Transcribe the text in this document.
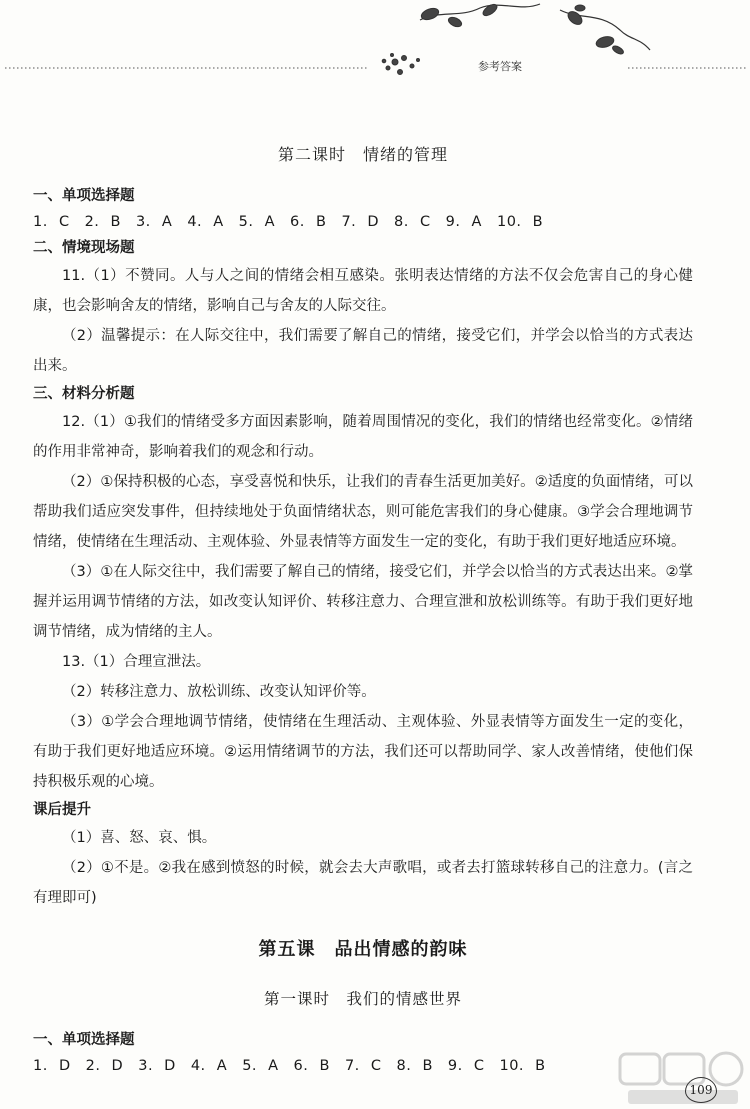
参考答案
第二课时　情绪的管理

一、单项选择题

1. C　2. B　3. A　4. A　5. A　6. B　7. D　8. C　9. A　10. B

二、情境现场题

11.（1）不赞同。人与人之间的情绪会相互感染。张明表达情绪的方法不仅会危害自己的身心健康，也会影响舍友的情绪，影响自己与舍友的人际交往。

（2）温馨提示：在人际交往中，我们需要了解自己的情绪，接受它们，并学会以恰当的方式表达出来。

三、材料分析题

12.（1）①我们的情绪受多方面因素影响，随着周围情况的变化，我们的情绪也经常变化。②情绪的作用非常神奇，影响着我们的观念和行动。

（2）①保持积极的心态，享受喜悦和快乐，让我们的青春生活更加美好。②适度的负面情绪，可以帮助我们适应突发事件，但持续地处于负面情绪状态，则可能危害我们的身心健康。③学会合理地调节情绪，使情绪在生理活动、主观体验、外显表情等方面发生一定的变化，有助于我们更好地适应环境。

（3）①在人际交往中，我们需要了解自己的情绪，接受它们，并学会以恰当的方式表达出来。②掌握并运用调节情绪的方法，如改变认知评价、转移注意力、合理宣泄和放松训练等。有助于我们更好地调节情绪，成为情绪的主人。

13.（1）合理宣泄法。

（2）转移注意力、放松训练、改变认知评价等。

（3）①学会合理地调节情绪，使情绪在生理活动、主观体验、外显表情等方面发生一定的变化，有助于我们更好地适应环境。②运用情绪调节的方法，我们还可以帮助同学、家人改善情绪，使他们保持积极乐观的心境。

课后提升

（1）喜、怒、哀、惧。

（2）①不是。②我在感到愤怒的时候，就会去大声歌唱，或者去打篮球转移自己的注意力。(言之有理即可)

第五课　品出情感的韵味
第一课时　我们的情感世界

一、单项选择题

1. D　2. D　3. D　4. A　5. A　6. B　7. C　8. B　9. C　10. B

109
